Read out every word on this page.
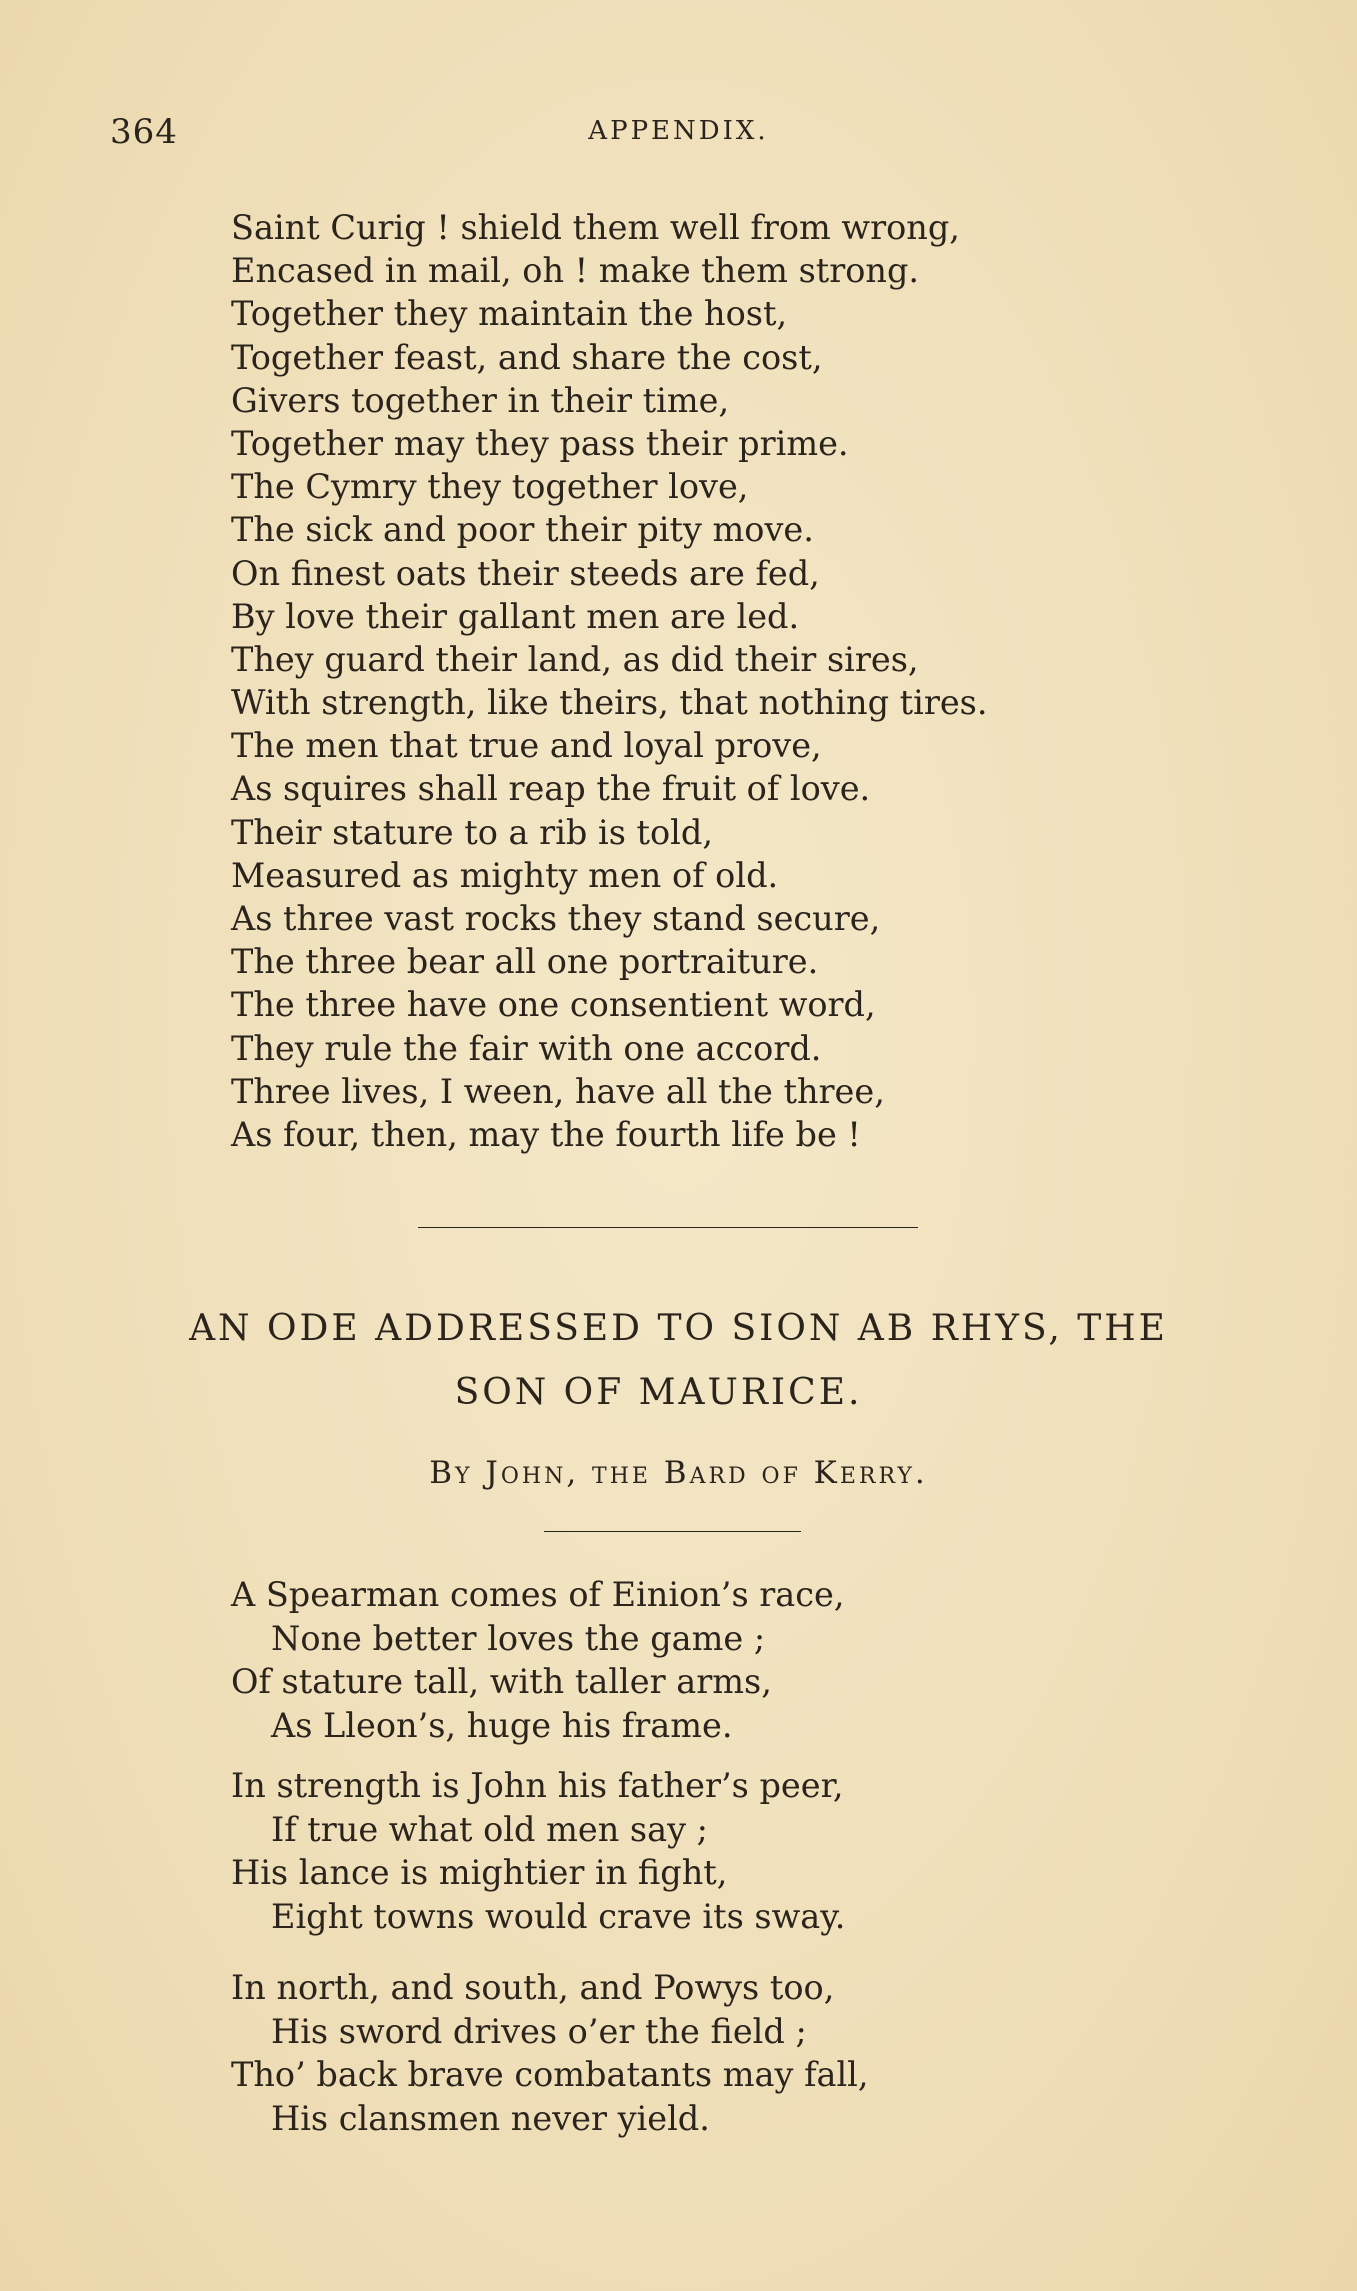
364	APPENDIX.
Saint Curig ! shield them well from wrong,
Encased in mail, oh ! make them strong.
Together they maintain the host,
Together feast, and share the cost,
Givers together in their time,
Together may they pass their prime.
The Cymry they together love,
The sick and poor their pity move.
On finest oats their steeds are fed,
By love their gallant men are led.
They guard their land, as did their sires,
With strength, like theirs, that nothing tires.
The men that true and loyal prove,
As squires shall reap the fruit of love.
Their stature to a rib is told,
Measured as mighty men of old.
As three vast rocks they stand secure,
The three bear all one portraiture.
The three have one consentient word,
They rule the fair with one accord.
Three lives, I ween, have all the three,
As four, then, may the fourth life be !
AN ODE ADDRESSED TO SION AB RHYS, THE
SON OF MAURICE.
By John, the Bard of Kerry.
A Spearman comes of Einion’s race,
None better loves the game ;
Of stature tall, with taller arms,
As Lleon’s, huge his frame.
In strength is John his father’s peer,
If true what old men say ;
His lance is mightier in fight,
Eight towns would crave its sway.
In north, and south, and Powys too,
His sword drives o’er the field ;
Tho’ back brave combatants may fall,
His clansmen never yield.
